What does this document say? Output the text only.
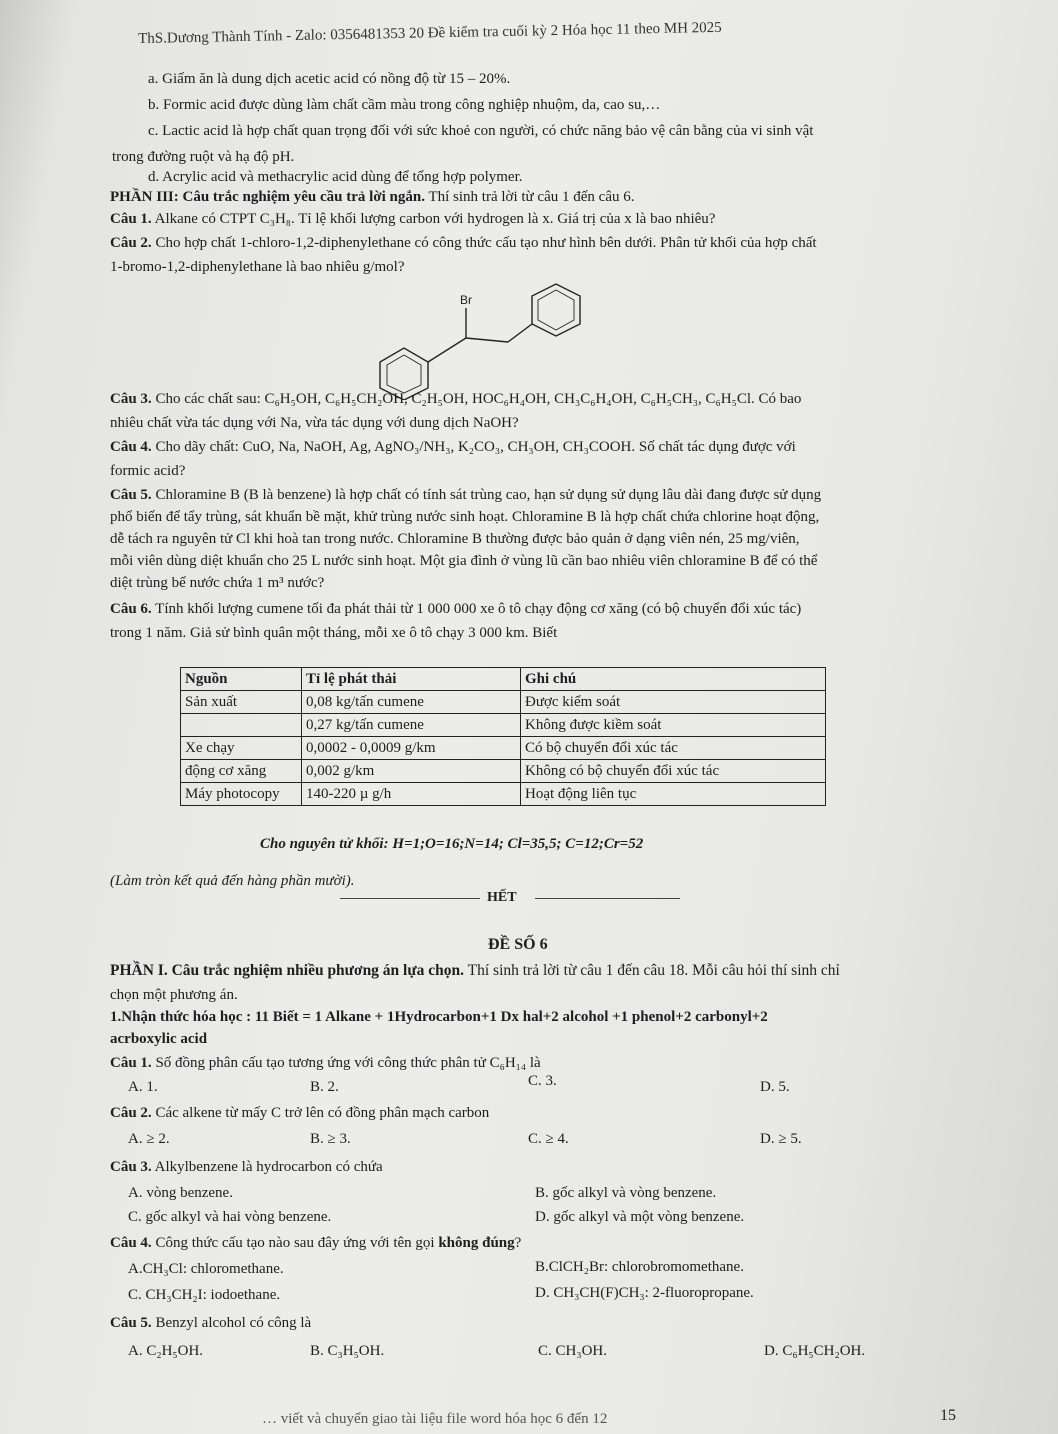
ThS.Dương Thành Tính - Zalo: 0356481353 20 Đề kiểm tra cuối kỳ 2 Hóa học 11 theo MH 2025
a. Giấm ăn là dung dịch acetic acid có nồng độ từ 15 – 20%.
b. Formic acid được dùng làm chất cầm màu trong công nghiệp nhuộm, da, cao su,…
c. Lactic acid là hợp chất quan trọng đối với sức khoẻ con người, có chức năng bảo vệ cân bằng của vi sinh vật
trong đường ruột và hạ độ pH.
d. Acrylic acid và methacrylic acid dùng để tổng hợp polymer.
PHẦN III: Câu trắc nghiệm yêu cầu trả lời ngắn. Thí sinh trả lời từ câu 1 đến câu 6.
Câu 1. Alkane có CTPT C₃H₈. Tỉ lệ khối lượng carbon với hydrogen là x. Giá trị của x là bao nhiêu?
Câu 2. Cho hợp chất 1-chloro-1,2-diphenylethane có công thức cấu tạo như hình bên dưới. Phân tử khối của hợp chất
1-bromo-1,2-diphenylethane là bao nhiêu g/mol?
Br
Câu 3. Cho các chất sau: C₆H₅OH, C₆H₅CH₂OH, C₂H₅OH, HOC₆H₄OH, CH₃C₆H₄OH, C₆H₅CH₃, C₆H₅Cl. Có bao
nhiêu chất vừa tác dụng với Na, vừa tác dụng với dung dịch NaOH?
Câu 4. Cho dãy chất: CuO, Na, NaOH, Ag, AgNO₃/NH₃, K₂CO₃, CH₃OH, CH₃COOH. Số chất tác dụng được với
formic acid?
Câu 5. Chloramine B (B là benzene) là hợp chất có tính sát trùng cao, hạn sử dụng sử dụng lâu dài đang được sử dụng
phổ biến để tẩy trùng, sát khuẩn bề mặt, khử trùng nước sinh hoạt. Chloramine B là hợp chất chứa chlorine hoạt động,
dễ tách ra nguyên tử Cl khi hoà tan trong nước. Chloramine B thường được bảo quản ở dạng viên nén, 25 mg/viên,
mỗi viên dùng diệt khuẩn cho 25 L nước sinh hoạt. Một gia đình ở vùng lũ cần bao nhiêu viên chloramine B để có thể
diệt trùng bể nước chứa 1 m³ nước?
Câu 6. Tính khối lượng cumene tối đa phát thải từ 1 000 000 xe ô tô chạy động cơ xăng (có bộ chuyển đổi xúc tác)
trong 1 năm. Giả sử bình quân một tháng, mỗi xe ô tô chạy 3 000 km. Biết
Nguồn	Tỉ lệ phát thải	Ghi chú
Sản xuất	0,08 kg/tấn cumene	Được kiểm soát
	0,27 kg/tấn cumene	Không được kiềm soát
Xe chạy	0,0002 - 0,0009 g/km	Có bộ chuyển đổi xúc tác
động cơ xăng	0,002 g/km	Không có bộ chuyển đổi xúc tác
Máy photocopy	140-220 µ g/h	Hoạt động liên tục
Cho nguyên tử khối: H=1;O=16;N=14; Cl=35,5; C=12;Cr=52
(Làm tròn kết quả đến hàng phần mười).
HẾT
ĐỀ SỐ 6
PHẦN I. Câu trắc nghiệm nhiều phương án lựa chọn. Thí sinh trả lời từ câu 1 đến câu 18. Mỗi câu hỏi thí sinh chỉ
chọn một phương án.
1.Nhận thức hóa học : 11 Biết = 1 Alkane + 1Hydrocarbon+1 Dx hal+2 alcohol +1 phenol+2 carbonyl+2
acrboxylic acid
Câu 1. Số đồng phân cấu tạo tương ứng với công thức phân tử C₆H₁₄ là
A. 1.	B. 2.	C. 3.	D. 5.
Câu 2. Các alkene từ mấy C trở lên có đồng phân mạch carbon
A. ≥ 2.	B. ≥ 3.	C. ≥ 4.	D. ≥ 5.
Câu 3. Alkylbenzene là hydrocarbon có chứa
A. vòng benzene.	B. gốc alkyl và vòng benzene.
C. gốc alkyl và hai vòng benzene.	D. gốc alkyl và một vòng benzene.
Câu 4. Công thức cấu tạo nào sau đây ứng với tên gọi không đúng?
A.CH₃Cl: chloromethane.	B.ClCH₂Br: chlorobromomethane.
C. CH₃CH₂I: iodoethane.	D. CH₃CH(F)CH₃: 2-fluoropropane.
Câu 5. Benzyl alcohol có công là
A. C₂H₅OH.	B. C₃H₅OH.	C. CH₃OH.	D. C₆H₅CH₂OH.
… viết và chuyển giao tài liệu file word hóa học 6 đến 12	15
